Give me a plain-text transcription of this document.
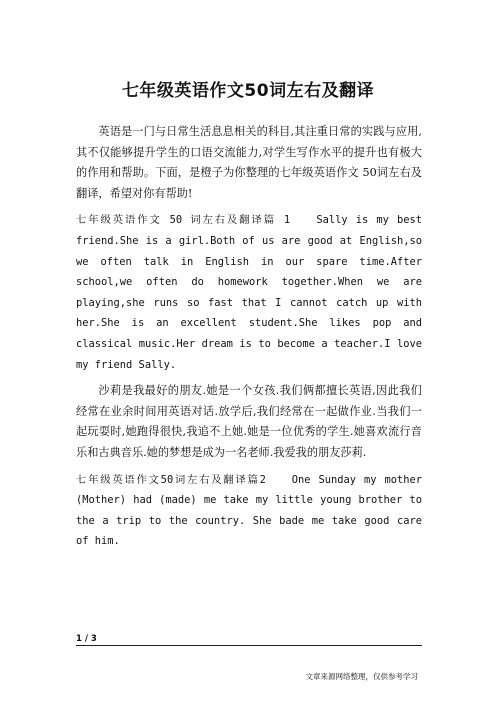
七年级英语作文50词左右及翻译

英语是一门与日常生活息息相关的科目,其注重日常的实践与应用,其不仅能够提升学生的口语交流能力,对学生写作水平的提升也有极大的作用和帮助。下面，是橙子为你整理的七年级英语作文 50词左右及翻译，希望对你有帮助!

七年级英语作文 50 词左右及翻译篇 1　　Sally is my best friend.She is a girl.Both of us are good at English,so we often talk in English in our spare time.After school,we often do homework together.When we are playing,she runs so fast that I cannot catch up with her.She is an excellent student.She likes pop and classical music.Her dream is to become a teacher.I love my friend Sally.

沙莉是我最好的朋友.她是一个女孩.我们俩都擅长英语,因此我们经常在业余时间用英语对话.放学后,我们经常在一起做作业.当我们一起玩耍时,她跑得很快,我追不上她.她是一位优秀的学生.她喜欢流行音乐和古典音乐.她的梦想是成为一名老师.我爱我的朋友莎莉.

七年级英语作文50词左右及翻译篇2　　One Sunday my mother (Mother) had (made) me take my little young brother to the a trip to the country. She bade me take good care of him.

1 / 3
文章来源网络整理，仅供参考学习
